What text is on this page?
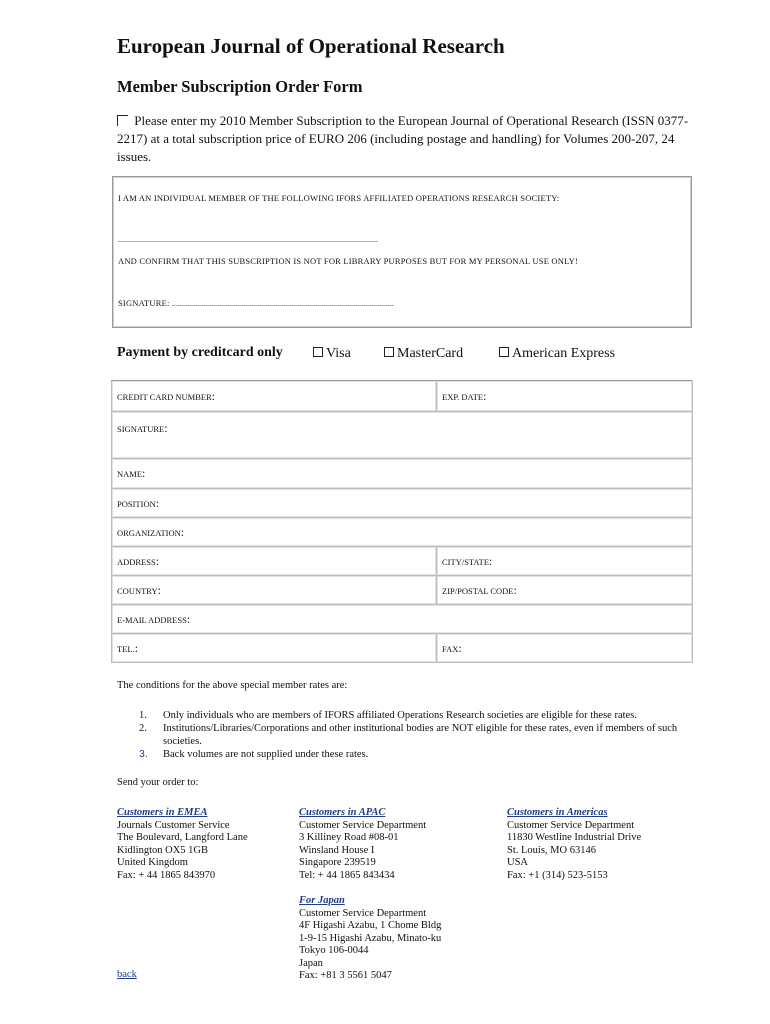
European Journal of Operational Research
Member Subscription Order Form
Please enter my 2010 Member Subscription to the European Journal of Operational Research (ISSN 0377-2217) at a total subscription price of EURO 206 (including postage and handling) for Volumes 200-207, 24 issues.
I AM AN INDIVIDUAL MEMBER OF THE FOLLOWING IFORS AFFILIATED OPERATIONS RESEARCH SOCIETY:
..................................................................................................................................
AND CONFIRM THAT THIS SUBSCRIPTION IS NOT FOR LIBRARY PURPOSES BUT FOR MY PERSONAL USE ONLY!
SIGNATURE: ...............................................................................................................
Payment by creditcard only	Visa	MasterCard	American Express
CREDIT CARD NUMBER:	EXP. DATE:
SIGNATURE:	
NAME:	
POSITION:	
ORGANIZATION:	
ADDRESS:	CITY/STATE:
COUNTRY:	ZIP/POSTAL CODE:
E-MAIL ADDRESS:	
TEL.:	FAX:
The conditions for the above special member rates are:
1. Only individuals who are members of IFORS affiliated Operations Research societies are eligible for these rates.
2. Institutions/Libraries/Corporations and other institutional bodies are NOT eligible for these rates, even if members of such societies.
3. Back volumes are not supplied under these rates.
Send your order to:
Customers in EMEA
Journals Customer Service
The Boulevard, Langford Lane
Kidlington OX5 1GB
United Kingdom
Fax: + 44 1865 843970
Customers in APAC
Customer Service Department
3 Killiney Road #08-01
Winsland House I
Singapore 239519
Tel: + 44 1865 843434
Customers in Americas
Customer Service Department
11830 Westline Industrial Drive
St. Louis, MO 63146
USA
Fax: +1 (314) 523-5153
For Japan
Customer Service Department
4F Higashi Azabu, 1 Chome Bldg
1-9-15 Higashi Azabu, Minato-ku
Tokyo 106-0044
Japan
Fax: +81 3 5561 5047
back
